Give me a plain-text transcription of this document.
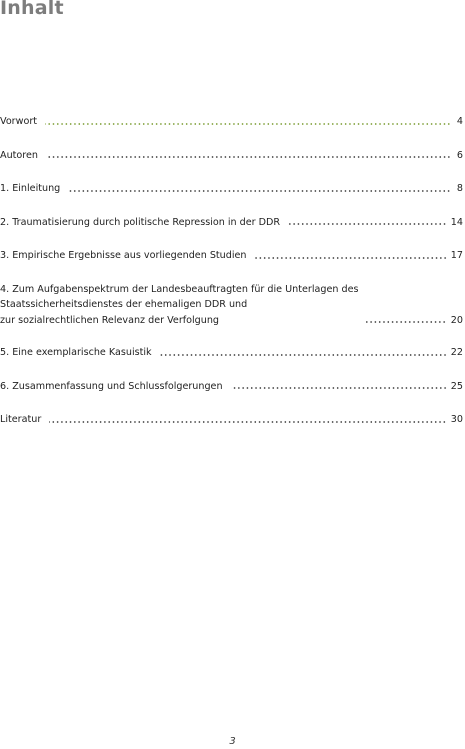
Inhalt
Vorwort	4
Autoren	6
1. Einleitung	8
2. Traumatisierung durch politische Repression in der DDR	14
3. Empirische Ergebnisse aus vorliegenden Studien	17
4. Zum Aufgabenspektrum der Landesbeauftragten für die Unterlagen des
Staatssicherheitsdienstes der ehemaligen DDR und
zur sozialrechtlichen Relevanz der Verfolgung	20
5. Eine exemplarische Kasuistik	22
6. Zusammenfassung und Schlussfolgerungen	25
Literatur	30
3
